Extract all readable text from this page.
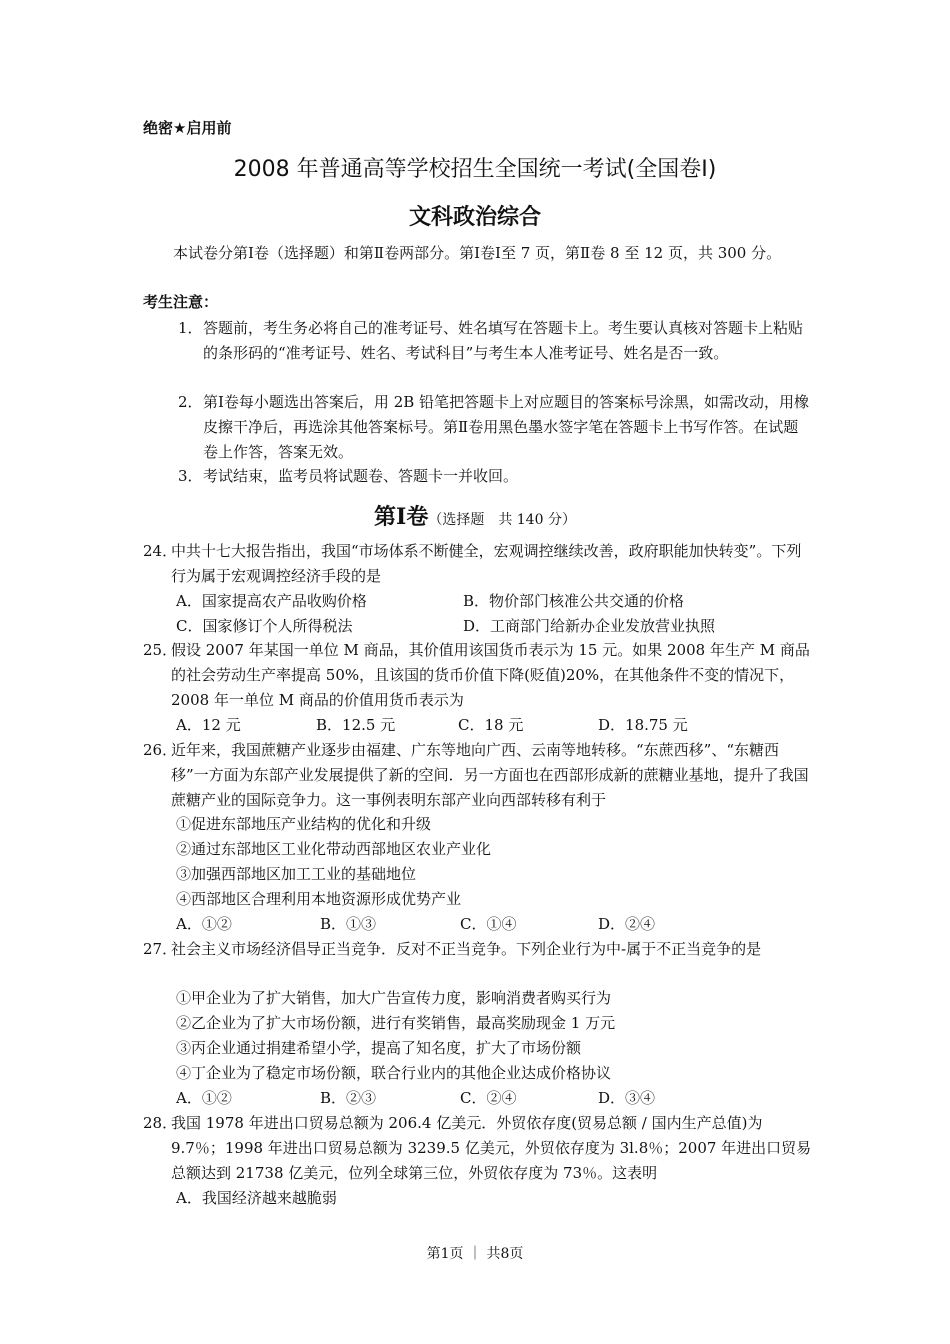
绝密★启用前
2008 年普通高等学校招生全国统一考试(全国卷Ⅰ)
文科政治综合
本试卷分第Ⅰ卷（选择题）和第Ⅱ卷两部分。第Ⅰ卷Ⅰ至 7 页，第Ⅱ卷 8 至 12 页，共 300 分。
考生注意：
1． 答题前，考生务必将自己的准考证号、姓名填写在答题卡上。考生要认真核对答题卡上粘贴的条形码的“准考证号、姓名、考试科目”与考生本人准考证号、姓名是否一致。
2． 第Ⅰ卷每小题选出答案后，用 2B 铅笔把答题卡上对应题目的答案标号涂黑，如需改动，用橡皮擦干净后，再选涂其他答案标号。第Ⅱ卷用黑色墨水签字笔在答题卡上书写作答。在试题卷上作答，答案无效。
3． 考试结束，监考员将试题卷、答题卡一并收回。
第Ⅰ卷（选择题　共 140 分）
24．
中共十七大报告指出，我国“市场体系不断健全，宏观调控继续改善，政府职能加快转变”。下列行为属于宏观调控经济手段的是
A．国家提高农产品收购价格	B．物价部门核准公共交通的价格
C．国家修订个人所得税法	D．工商部门给新办企业发放营业执照
25．
假设 2007 年某国一单位 M 商品，其价值用该国货币表示为 15 元。如果 2008 年生产 M 商品的社会劳动生产率提高 50%，且该国的货币价值下降(贬值)20%，在其他条件不变的情况下，2008 年一单位 M 商品的价值用货币表示为
A．12 元	B．12.5 元	C．18 元	D．18.75 元
26．
近年来，我国蔗糖产业逐步由福建、广东等地向广西、云南等地转移。“东蔗西移”、“东糖西移”一方面为东部产业发展提供了新的空间．另一方面也在西部形成新的蔗糖业基地，提升了我国蔗糖产业的国际竞争力。这一事例表明东部产业向西部转移有利于
①促进东部地压产业结构的优化和升级
②通过东部地区工业化带动西部地区农业产业化
③加强西部地区加工工业的基础地位
④西部地区合理利用本地资源形成优势产业
A．①②	B．①③	C．①④	D．②④
27．
社会主义市场经济倡导正当竞争．反对不正当竞争。下列企业行为中-属于不正当竞争的是
①甲企业为了扩大销售，加大广告宣传力度，影响消费者购买行为
②乙企业为了扩大市场份额，进行有奖销售，最高奖励现金 1 万元
③丙企业通过捐建希望小学，提高了知名度，扩大了市场份额
④丁企业为了稳定市场份额，联合行业内的其他企业达成价格协议
A．①②	B．②③	C．②④	D．③④
28．
我国 1978 年进出口贸易总额为 206.4 亿美元．外贸依存度(贸易总额 / 国内生产总值)为 9.7％；1998 年进出口贸易总额为 3239.5 亿美元，外贸依存度为 3l.8％；2007 年进出口贸易总额达到 21738 亿美元，位列全球第三位，外贸依存度为 73％。这表明
A．我国经济越来越脆弱
第1页 ｜ 共8页
